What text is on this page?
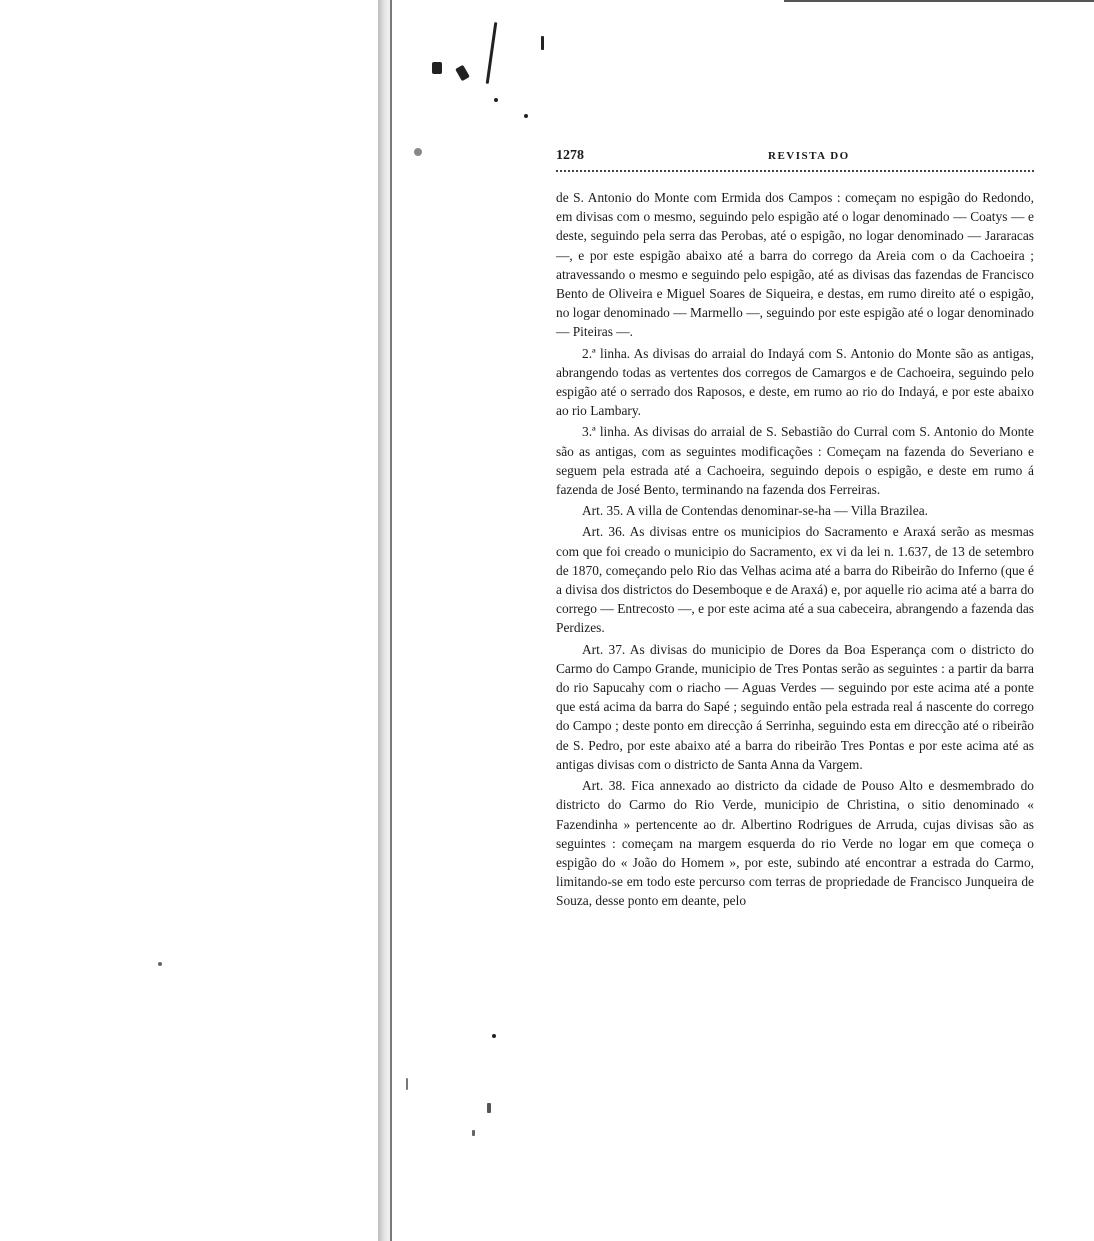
1278	REVISTA DO

de S. Antonio do Monte com Ermida dos Campos : começam no espigão do Redondo, em divisas com o mesmo, seguindo pelo espigão até o logar denominado — Coatys — e deste, seguindo pela serra das Perobas, até o espigão, no logar denominado — Jararacas —, e por este espigão abaixo até a barra do corrego da Areia com o da Cachoeira ; atravessando o mesmo e seguindo pelo espigão, até as divisas das fazendas de Francisco Bento de Oliveira e Miguel Soares de Siqueira, e destas, em rumo direito até o espigão, no logar denominado — Marmello —, seguindo por este espigão até o logar denominado — Piteiras —.

2.ª linha. As divisas do arraial do Indayá com S. Antonio do Monte são as antigas, abrangendo todas as vertentes dos corregos de Camargos e de Cachoeira, seguindo pelo espigão até o serrado dos Raposos, e deste, em rumo ao rio do Indayá, e por este abaixo ao rio Lambary.

3.ª linha. As divisas do arraial de S. Sebastião do Curral com S. Antonio do Monte são as antigas, com as seguintes modificações : Começam na fazenda do Severiano e seguem pela estrada até a Cachoeira, seguindo depois o espigão, e deste em rumo á fazenda de José Bento, terminando na fazenda dos Ferreiras.

Art. 35. A villa de Contendas denominar-se-ha — Villa Brazilea.

Art. 36. As divisas entre os municipios do Sacramento e Araxá serão as mesmas com que foi creado o municipio do Sacramento, ex vi da lei n. 1.637, de 13 de setembro de 1870, começando pelo Rio das Velhas acima até a barra do Ribeirão do Inferno (que é a divisa dos districtos do Desemboque e de Araxá) e, por aquelle rio acima até a barra do corrego — Entrecosto —, e por este acima até a sua cabeceira, abrangendo a fazenda das Perdizes.

Art. 37. As divisas do municipio de Dores da Boa Esperança com o districto do Carmo do Campo Grande, municipio de Tres Pontas serão as seguintes : a partir da barra do rio Sapucahy com o riacho — Aguas Verdes — seguindo por este acima até a ponte que está acima da barra do Sapé ; seguindo então pela estrada real á nascente do corrego do Campo ; deste ponto em direcção á Serrinha, seguindo esta em direcção até o ribeirão de S. Pedro, por este abaixo até a barra do ribeirão Tres Pontas e por este acima até as antigas divisas com o districto de Santa Anna da Vargem.

Art. 38. Fica annexado ao districto da cidade de Pouso Alto e desmembrado do districto do Carmo do Rio Verde, municipio de Christina, o sitio denominado « Fazendinha » pertencente ao dr. Albertino Rodrigues de Arruda, cujas divisas são as seguintes : começam na margem esquerda do rio Verde no logar em que começa o espigão do « João do Homem », por este, subindo até encontrar a estrada do Carmo, limitando-se em todo este percurso com terras de propriedade de Francisco Junqueira de Souza, desse ponto em deante, pelo
